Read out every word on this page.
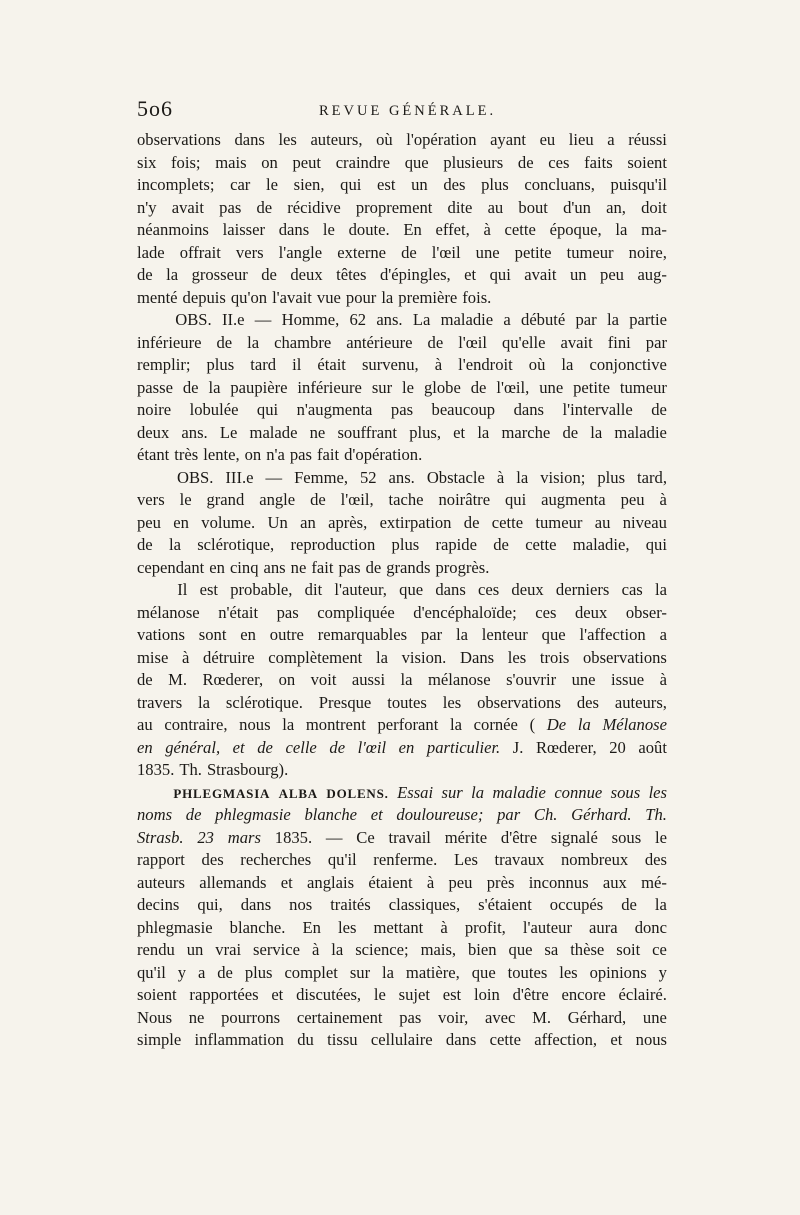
5o6	REVUE GÉNÉRALE.
observations dans les auteurs, où l'opération ayant eu lieu a réussi
six fois; mais on peut craindre que plusieurs de ces faits soient
incomplets; car le sien, qui est un des plus concluans, puisqu'il
n'y avait pas de récidive proprement dite au bout d'un an, doit
néanmoins laisser dans le doute. En effet, à cette époque, la ma-
lade offrait vers l'angle externe de l'œil une petite tumeur noire,
de la grosseur de deux têtes d'épingles, et qui avait un peu aug-
menté depuis qu'on l'avait vue pour la première fois.
OBS. II.e — Homme, 62 ans. La maladie a débuté par la partie
inférieure de la chambre antérieure de l'œil qu'elle avait fini par
remplir; plus tard il était survenu, à l'endroit où la conjonctive
passe de la paupière inférieure sur le globe de l'œil, une petite tumeur
noire lobulée qui n'augmenta pas beaucoup dans l'intervalle de
deux ans. Le malade ne souffrant plus, et la marche de la maladie
étant très lente, on n'a pas fait d'opération.
OBS. III.e — Femme, 52 ans. Obstacle à la vision; plus tard,
vers le grand angle de l'œil, tache noirâtre qui augmenta peu à
peu en volume. Un an après, extirpation de cette tumeur au niveau
de la sclérotique, reproduction plus rapide de cette maladie, qui
cependant en cinq ans ne fait pas de grands progrès.
Il est probable, dit l'auteur, que dans ces deux derniers cas la
mélanose n'était pas compliquée d'encéphaloïde; ces deux obser-
vations sont en outre remarquables par la lenteur que l'affection a
mise à détruire complètement la vision. Dans les trois observations
de M. Rœderer, on voit aussi la mélanose s'ouvrir une issue à
travers la sclérotique. Presque toutes les observations des auteurs,
au contraire, nous la montrent perforant la cornée ( De la Mélanose
en général, et de celle de l'œil en particulier. J. Rœderer, 20 août
1835. Th. Strasbourg).
PHLEGMASIA ALBA DOLENS. Essai sur la maladie connue sous les
noms de phlegmasie blanche et douloureuse; par Ch. Gérhard. Th.
Strasb. 23 mars 1835. — Ce travail mérite d'être signalé sous le
rapport des recherches qu'il renferme. Les travaux nombreux des
auteurs allemands et anglais étaient à peu près inconnus aux mé-
decins qui, dans nos traités classiques, s'étaient occupés de la
phlegmasie blanche. En les mettant à profit, l'auteur aura donc
rendu un vrai service à la science; mais, bien que sa thèse soit ce
qu'il y a de plus complet sur la matière, que toutes les opinions y
soient rapportées et discutées, le sujet est loin d'être encore éclairé.
Nous ne pourrons certainement pas voir, avec M. Gérhard, une
simple inflammation du tissu cellulaire dans cette affection, et nous
